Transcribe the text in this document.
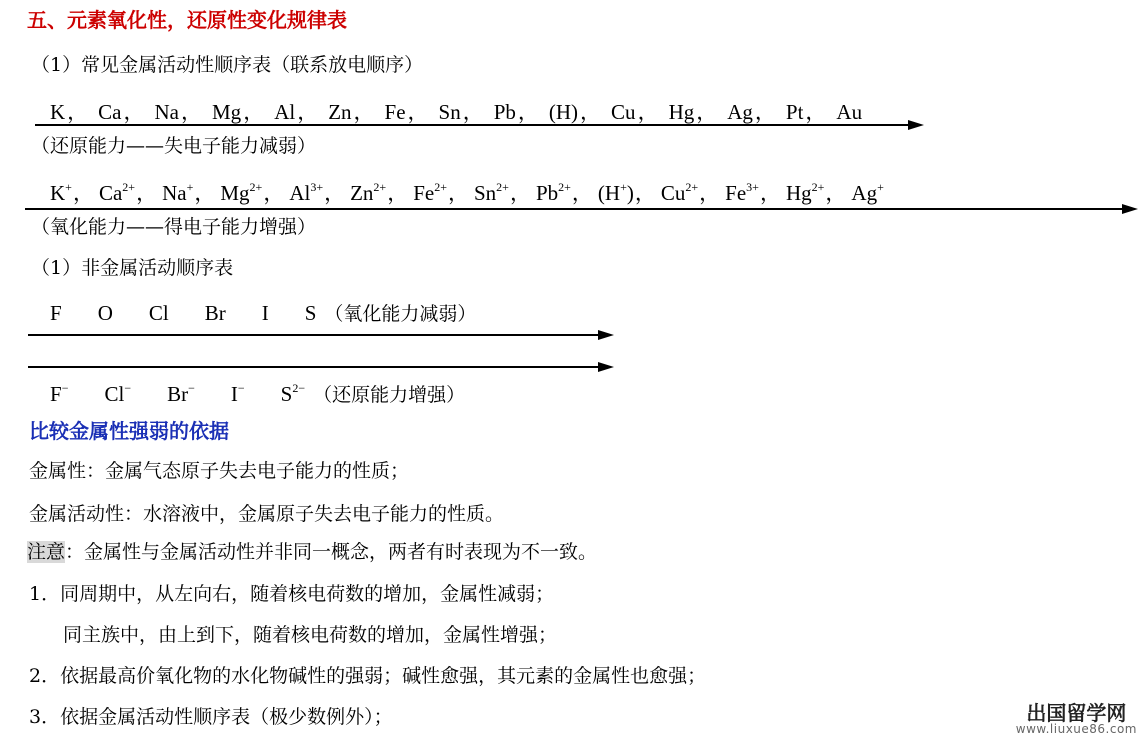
五、元素氧化性，还原性变化规律表
（1）常见金属活动性顺序表（联系放电顺序）
K ， Ca ， Na ， Mg ， Al ， Zn ， Fe ， Sn ， Pb ， (H) ， Cu ， Hg ， Ag ， Pt ， Au
（还原能力——失电子能力减弱）
K+ ， $Ca^{2+}$ ， Na+ ， $Mg^{2+}$ ， $Al^{3+}$ ， $Zn^{2+}$ ， $Fe^{2+}$ ， $Sn^{2+}$ ， $Pb^{2+}$ ， (H+) ， $Cu^{2+}$ ， $Fe^{3+}$ ， $Hg^{2+}$ ， Ag+
（氧化能力——得电子能力增强）
（1）非金属活动顺序表
F O Cl Br I S （氧化能力减弱）
F− Cl− Br− I− $S^{2-}$ （还原能力增强）
比较金属性强弱的依据
金属性：金属气态原子失去电子能力的性质；
金属活动性：水溶液中，金属原子失去电子能力的性质。
注意：金属性与金属活动性并非同一概念，两者有时表现为不一致。
1．同周期中，从左向右，随着核电荷数的增加，金属性减弱；
同主族中，由上到下，随着核电荷数的增加，金属性增强；
2．依据最高价氧化物的水化物碱性的强弱；碱性愈强，其元素的金属性也愈强；
3．依据金属活动性顺序表（极少数例外）；	出国留学网
www.liuxue86.com
